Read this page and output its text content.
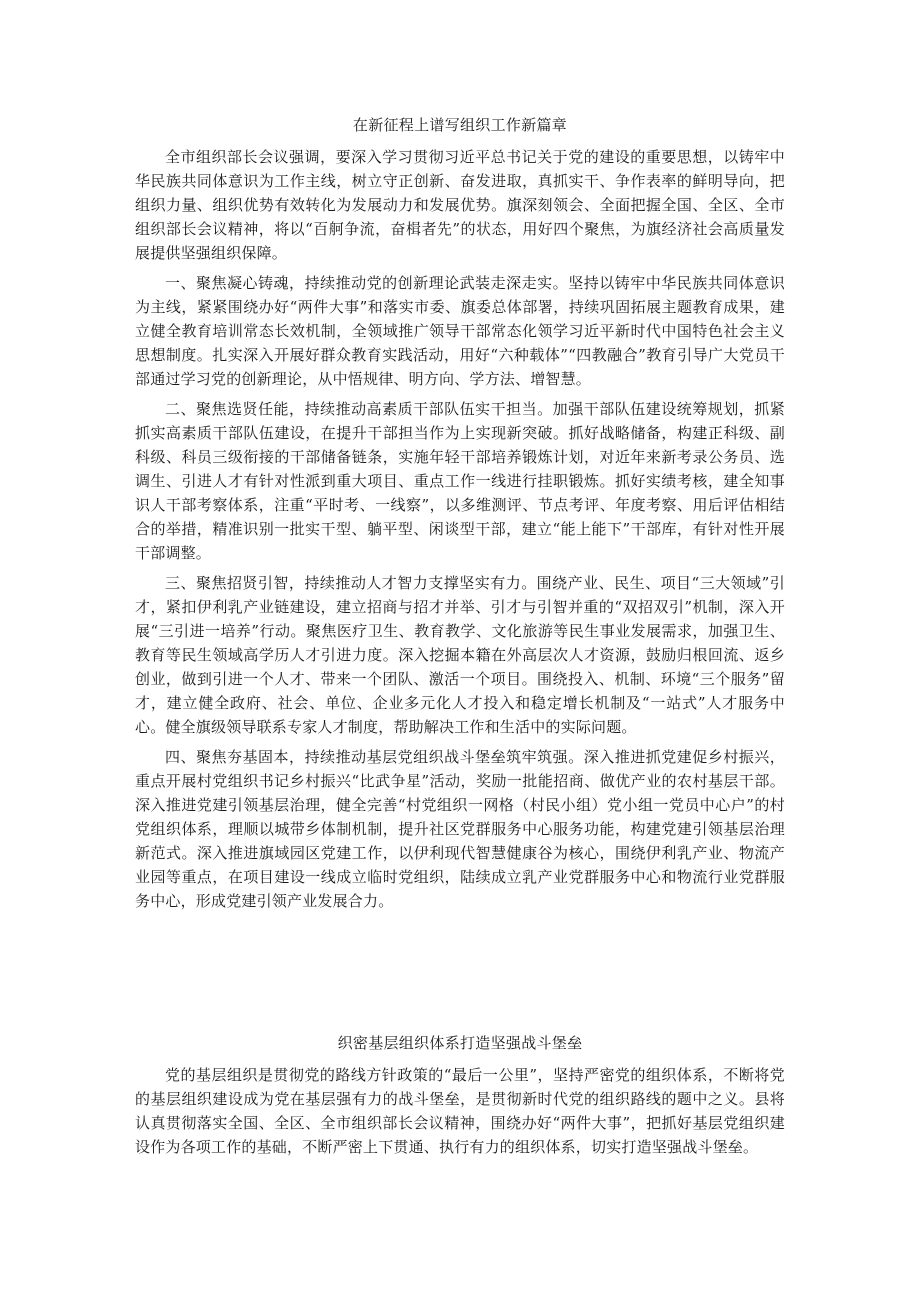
在新征程上谱写组织工作新篇章

全市组织部长会议强调，要深入学习贯彻习近平总书记关于党的建设的重要思想，以铸牢中华民族共同体意识为工作主线，树立守正创新、奋发进取，真抓实干、争作表率的鲜明导向，把组织力量、组织优势有效转化为发展动力和发展优势。旗深刻领会、全面把握全国、全区、全市组织部长会议精神，将以“百舸争流，奋楫者先”的状态，用好四个聚焦，为旗经济社会高质量发展提供坚强组织保障。

一、聚焦凝心铸魂，持续推动党的创新理论武装走深走实。坚持以铸牢中华民族共同体意识为主线，紧紧围绕办好“两件大事”和落实市委、旗委总体部署，持续巩固拓展主题教育成果，建立健全教育培训常态长效机制，全领域推广领导干部常态化领学习近平新时代中国特色社会主义思想制度。扎实深入开展好群众教育实践活动，用好“六种载体”“四教融合”教育引导广大党员干部通过学习党的创新理论，从中悟规律、明方向、学方法、增智慧。

二、聚焦选贤任能，持续推动高素质干部队伍实干担当。加强干部队伍建设统筹规划，抓紧抓实高素质干部队伍建设，在提升干部担当作为上实现新突破。抓好战略储备，构建正科级、副科级、科员三级衔接的干部储备链条，实施年轻干部培养锻炼计划，对近年来新考录公务员、选调生、引进人才有针对性派到重大项目、重点工作一线进行挂职锻炼。抓好实绩考核，建全知事识人干部考察体系，注重“平时考、一线察”，以多维测评、节点考评、年度考察、用后评估相结合的举措，精准识别一批实干型、躺平型、闲谈型干部，建立“能上能下”干部库，有针对性开展干部调整。

三、聚焦招贤引智，持续推动人才智力支撑坚实有力。围绕产业、民生、项目“三大领域”引才，紧扣伊利乳产业链建设，建立招商与招才并举、引才与引智并重的“双招双引”机制，深入开展“三引进一培养”行动。聚焦医疗卫生、教育教学、文化旅游等民生事业发展需求，加强卫生、教育等民生领域高学历人才引进力度。深入挖掘本籍在外高层次人才资源，鼓励归根回流、返乡创业，做到引进一个人才、带来一个团队、激活一个项目。围绕投入、机制、环境“三个服务”留才，建立健全政府、社会、单位、企业多元化人才投入和稳定增长机制及“一站式”人才服务中心。健全旗级领导联系专家人才制度，帮助解决工作和生活中的实际问题。

四、聚焦夯基固本，持续推动基层党组织战斗堡垒筑牢筑强。深入推进抓党建促乡村振兴，重点开展村党组织书记乡村振兴“比武争星”活动，奖励一批能招商、做优产业的农村基层干部。深入推进党建引领基层治理，健全完善“村党组织一网格（村民小组）党小组一党员中心户”的村党组织体系，理顺以城带乡体制机制，提升社区党群服务中心服务功能，构建党建引领基层治理新范式。深入推进旗域园区党建工作，以伊利现代智慧健康谷为核心，围绕伊利乳产业、物流产业园等重点，在项目建设一线成立临时党组织，陆续成立乳产业党群服务中心和物流行业党群服务中心，形成党建引领产业发展合力。

织密基层组织体系打造坚强战斗堡垒

党的基层组织是贯彻党的路线方针政策的“最后一公里”，坚持严密党的组织体系，不断将党的基层组织建设成为党在基层强有力的战斗堡垒，是贯彻新时代党的组织路线的题中之义。县将认真贯彻落实全国、全区、全市组织部长会议精神，围绕办好“两件大事”，把抓好基层党组织建设作为各项工作的基础，不断严密上下贯通、执行有力的组织体系，切实打造坚强战斗堡垒。
